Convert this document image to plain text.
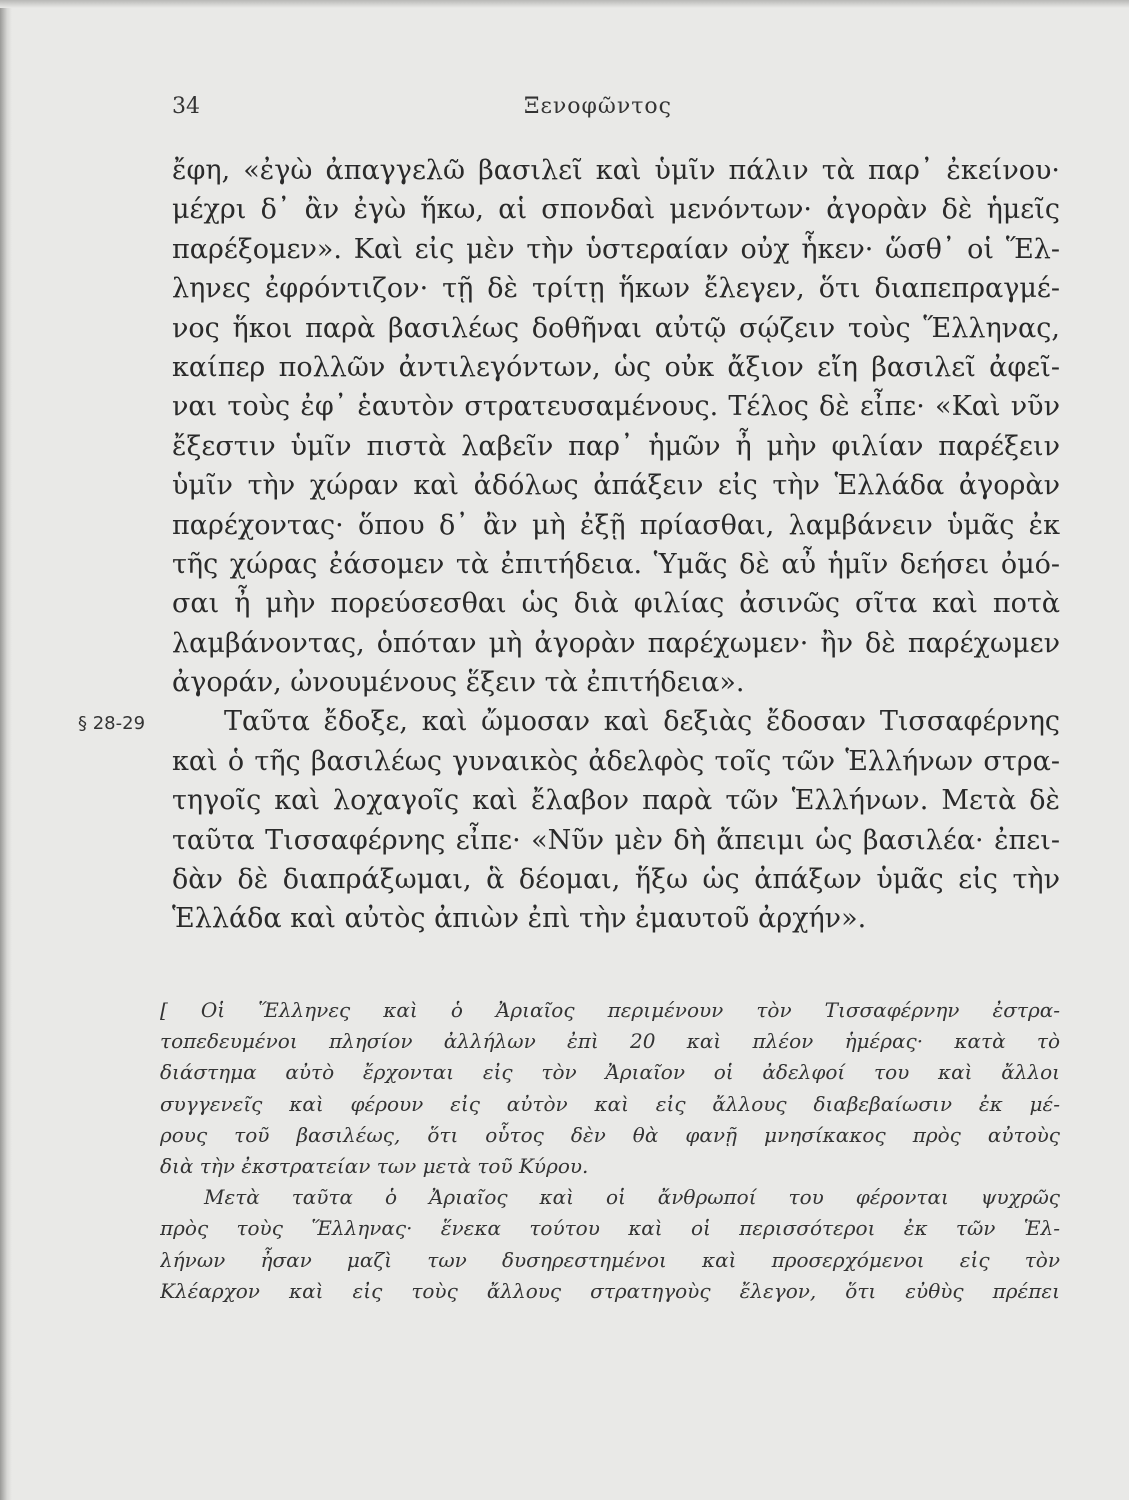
34	Ξενοφῶντος
ἔφη, «ἐγὼ ἀπαγγελῶ βασιλεῖ καὶ ὑμῖν πάλιν τὰ παρ᾽ ἐκείνου·
μέχρι δ᾽ ἂν ἐγὼ ἥκω, αἱ σπονδαὶ μενόντων· ἀγορὰν δὲ ἡμεῖς
παρέξομεν». Καὶ εἰς μὲν τὴν ὑστεραίαν οὐχ ἧκεν· ὥσθ᾽ οἱ Ἕλ-
ληνες ἐφρόντιζον· τῇ δὲ τρίτῃ ἥκων ἔλεγεν, ὅτι διαπεπραγμέ-
νος ἥκοι παρὰ βασιλέως δοθῆναι αὐτῷ σῴζειν τοὺς Ἕλληνας,
καίπερ πολλῶν ἀντιλεγόντων, ὡς οὐκ ἄξιον εἴη βασιλεῖ ἀφεῖ-
ναι τοὺς ἐφ᾽ ἑαυτὸν στρατευσαμένους. Τέλος δὲ εἶπε· «Καὶ νῦν
ἔξεστιν ὑμῖν πιστὰ λαβεῖν παρ᾽ ἡμῶν ἦ μὴν φιλίαν παρέξειν
ὑμῖν τὴν χώραν καὶ ἀδόλως ἀπάξειν εἰς τὴν Ἑλλάδα ἀγορὰν
παρέχοντας· ὅπου δ᾽ ἂν μὴ ἐξῇ πρίασθαι, λαμβάνειν ὑμᾶς ἐκ
τῆς χώρας ἐάσομεν τὰ ἐπιτήδεια. Ὑμᾶς δὲ αὖ ἡμῖν δεήσει ὀμό-
σαι ἦ μὴν πορεύσεσθαι ὡς διὰ φιλίας ἀσινῶς σῖτα καὶ ποτὰ
λαμβάνοντας, ὁπόταν μὴ ἀγορὰν παρέχωμεν· ἢν δὲ παρέχωμεν
ἀγοράν, ὠνουμένους ἕξειν τὰ ἐπιτήδεια».
Ταῦτα ἔδοξε, καὶ ὤμοσαν καὶ δεξιὰς ἔδοσαν Τισσαφέρνης
καὶ ὁ τῆς βασιλέως γυναικὸς ἀδελφὸς τοῖς τῶν Ἑλλήνων στρα-
τηγοῖς καὶ λοχαγοῖς καὶ ἔλαβον παρὰ τῶν Ἑλλήνων. Μετὰ δὲ
ταῦτα Τισσαφέρνης εἶπε· «Νῦν μὲν δὴ ἄπειμι ὡς βασιλέα· ἐπει-
δὰν δὲ διαπράξωμαι, ἃ δέομαι, ἥξω ὡς ἀπάξων ὑμᾶς εἰς τὴν
Ἑλλάδα καὶ αὐτὸς ἀπιὼν ἐπὶ τὴν ἐμαυτοῦ ἀρχήν».
§ 28-29
[ Οἱ Ἕλληνες καὶ ὁ Ἀριαῖος περιμένουν τὸν Τισσαφέρνην ἐστρα-
τοπεδευμένοι πλησίον ἀλλήλων ἐπὶ 20 καὶ πλέον ἡμέρας· κατὰ τὸ
διάστημα αὐτὸ ἔρχονται εἰς τὸν Ἀριαῖον οἱ ἀδελφοί του καὶ ἄλλοι
συγγενεῖς καὶ φέρουν εἰς αὐτὸν καὶ εἰς ἄλλους διαβεβαίωσιν ἐκ μέ-
ρους τοῦ βασιλέως, ὅτι οὗτος δὲν θὰ φανῇ μνησίκακος πρὸς αὐτοὺς
διὰ τὴν ἐκστρατείαν των μετὰ τοῦ Κύρου.
Μετὰ ταῦτα ὁ Ἀριαῖος καὶ οἱ ἄνθρωποί του φέρονται ψυχρῶς
πρὸς τοὺς Ἕλληνας· ἕνεκα τούτου καὶ οἱ περισσότεροι ἐκ τῶν Ἑλ-
λήνων ἦσαν μαζὶ των δυσηρεστημένοι καὶ προσερχόμενοι εἰς τὸν
Κλέαρχον καὶ εἰς τοὺς ἄλλους στρατηγοὺς ἔλεγον, ὅτι εὐθὺς πρέπει
